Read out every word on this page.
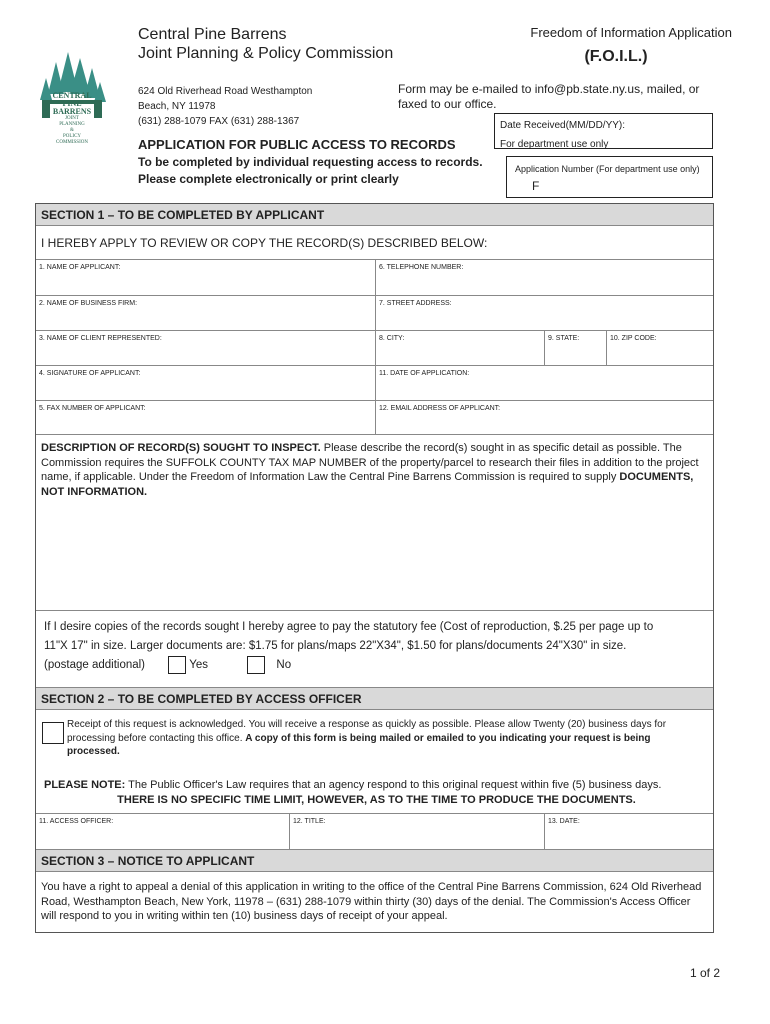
CENTRAL
PINE
BARRENS
JOINT
PLANNING
&
POLICY
COMMISSION
Central Pine Barrens
Joint Planning & Policy Commission
624 Old Riverhead Road Westhampton
Beach, NY 11978
(631) 288-1079 FAX (631) 288-1367
Freedom of Information Application
(F.O.I.L.)
Form may be e-mailed to info@pb.state.ny.us, mailed, or faxed to our office.
Date Received(MM/DD/YY):
For department use only
Application Number (For department use only)
F
APPLICATION FOR PUBLIC ACCESS TO RECORDS
To be completed by individual requesting access to records. Please complete electronically or print clearly
SECTION 1 – TO BE COMPLETED BY APPLICANT
I HEREBY APPLY TO REVIEW OR COPY THE RECORD(S) DESCRIBED BELOW:
1. NAME OF APPLICANT:	6. TELEPHONE NUMBER:
2. NAME OF BUSINESS FIRM:	7. STREET ADDRESS:
3. NAME OF CLIENT REPRESENTED:	8. CITY:	9. STATE:	10. ZIP CODE:
4. SIGNATURE OF APPLICANT:	11. DATE OF APPLICATION:
5. FAX NUMBER OF APPLICANT:	12. EMAIL ADDRESS OF APPLICANT:
DESCRIPTION OF RECORD(S) SOUGHT TO INSPECT. Please describe the record(s) sought in as specific detail as possible. The Commission requires the SUFFOLK COUNTY TAX MAP NUMBER of the property/parcel to research their files in addition to the project name, if applicable. Under the Freedom of Information Law the Central Pine Barrens Commission is required to supply DOCUMENTS, NOT INFORMATION.
If I desire copies of the records sought I hereby agree to pay the statutory fee (Cost of reproduction, $.25 per page up to
11"X 17" in size. Larger documents are: $1.75 for plans/maps 22"X34", $1.50 for plans/documents 24"X30" in size.
(postage additional)	Yes	No
SECTION 2 – TO BE COMPLETED BY ACCESS OFFICER
Receipt of this request is acknowledged. You will receive a response as quickly as possible. Please allow Twenty (20) business days for processing before contacting this office. A copy of this form is being mailed or emailed to you indicating your request is being processed.
PLEASE NOTE: The Public Officer's Law requires that an agency respond to this original request within five (5) business days.
THERE IS NO SPECIFIC TIME LIMIT, HOWEVER, AS TO THE TIME TO PRODUCE THE DOCUMENTS.
11. ACCESS OFFICER:	12. TITLE:	13. DATE:
SECTION 3 – NOTICE TO APPLICANT
You have a right to appeal a denial of this application in writing to the office of the Central Pine Barrens Commission, 624 Old Riverhead Road, Westhampton Beach, New York, 11978 – (631) 288-1079 within thirty (30) days of the denial. The Commission's Access Officer will respond to you in writing within ten (10) business days of receipt of your appeal.
1 of 2
